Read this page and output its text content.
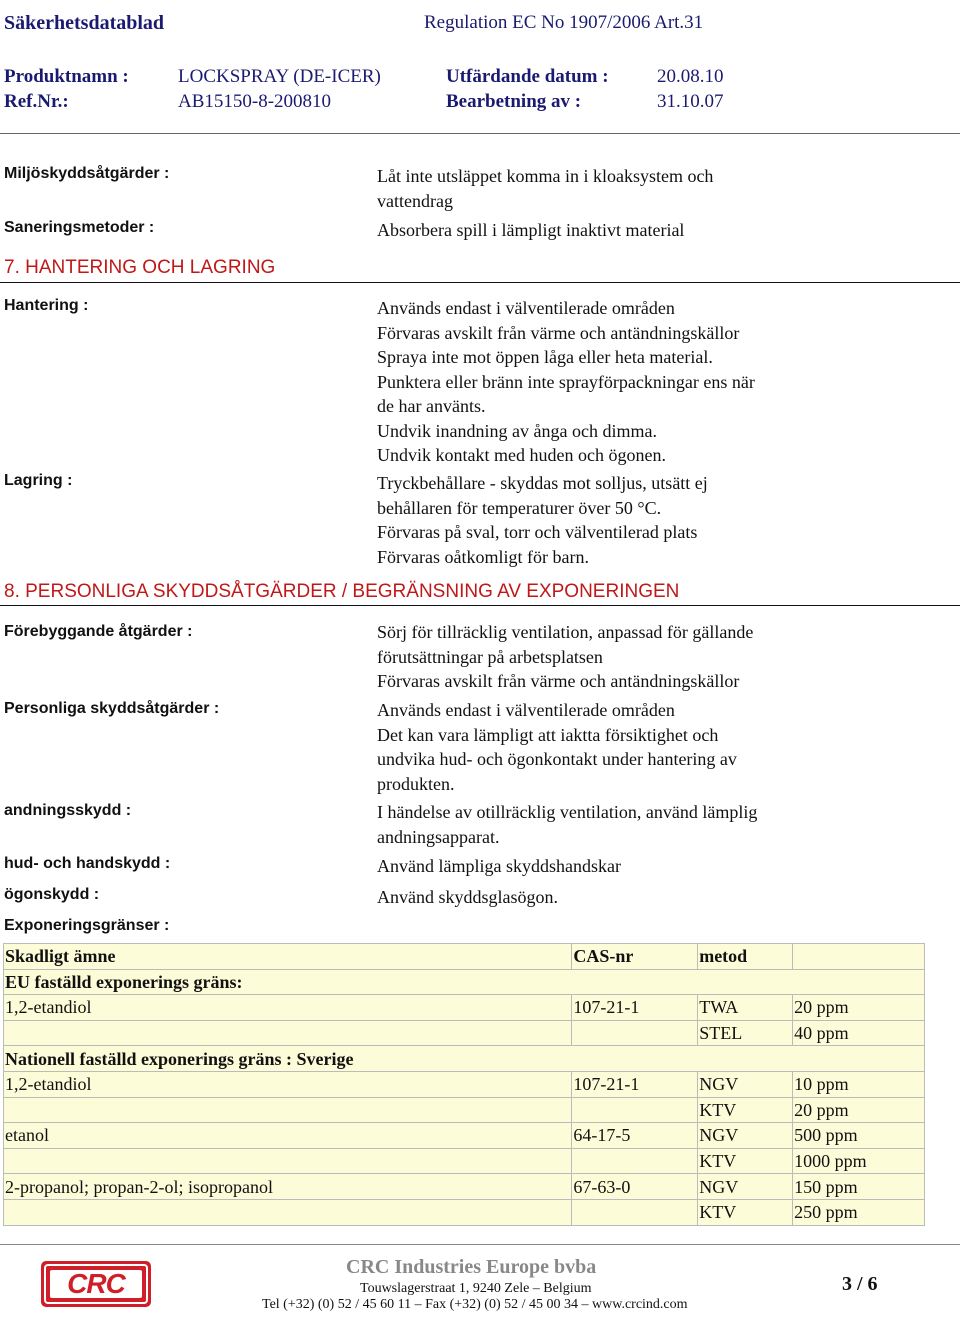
Säkerhetsdatablad	Regulation EC No 1907/2006 Art.31
Produktnamn :	LOCKSPRAY (DE-ICER)	Utfärdande datum :	20.08.10
Ref.Nr.:	AB15150-8-200810	Bearbetning av :	31.10.07
Miljöskyddsåtgärder :	Låt inte utsläppet komma in i kloaksystem och
vattendrag
Saneringsmetoder :	Absorbera spill i lämpligt inaktivt material
7. HANTERING OCH LAGRING
Hantering :	Används endast i välventilerade områden
Förvaras avskilt från värme och antändningskällor
Spraya inte mot öppen låga eller heta material.
Punktera eller bränn inte sprayförpackningar ens när
de har använts.
Undvik inandning av ånga och dimma.
Undvik kontakt med huden och ögonen.
Lagring :	Tryckbehållare - skyddas mot solljus, utsätt ej
behållaren för temperaturer över 50 °C.
Förvaras på sval, torr och välventilerad plats
Förvaras oåtkomligt för barn.
8. PERSONLIGA SKYDDSÅTGÄRDER / BEGRÄNSNING AV EXPONERINGEN
Förebyggande åtgärder :	Sörj för tillräcklig ventilation, anpassad för gällande
förutsättningar på arbetsplatsen
Förvaras avskilt från värme och antändningskällor
Personliga skyddsåtgärder :	Används endast i välventilerade områden
Det kan vara lämpligt att iaktta försiktighet och
undvika hud- och ögonkontakt under hantering av
produkten.
andningsskydd :	I händelse av otillräcklig ventilation, använd lämplig
andningsapparat.
hud- och handskydd :	Använd lämpliga skyddshandskar
ögonskydd :	Använd skyddsglasögon.
Exponeringsgränser :
Skadligt ämne	CAS-nr	metod	
EU faställd exponerings gräns:			
1,2-etandiol	107-21-1	TWA	20 ppm
		STEL	40 ppm
Nationell faställd exponerings gräns : Sverige			
1,2-etandiol	107-21-1	NGV	10 ppm
		KTV	20 ppm
etanol	64-17-5	NGV	500 ppm
		KTV	1000 ppm
2-propanol; propan-2-ol; isopropanol	67-63-0	NGV	150 ppm
		KTV	250 ppm
CRC
CRC Industries Europe bvba
Touwslagerstraat 1, 9240 Zele – Belgium
Tel (+32) (0) 52 / 45 60 11 – Fax (+32) (0) 52 / 45 00 34 – www.crcind.com
3 / 6
